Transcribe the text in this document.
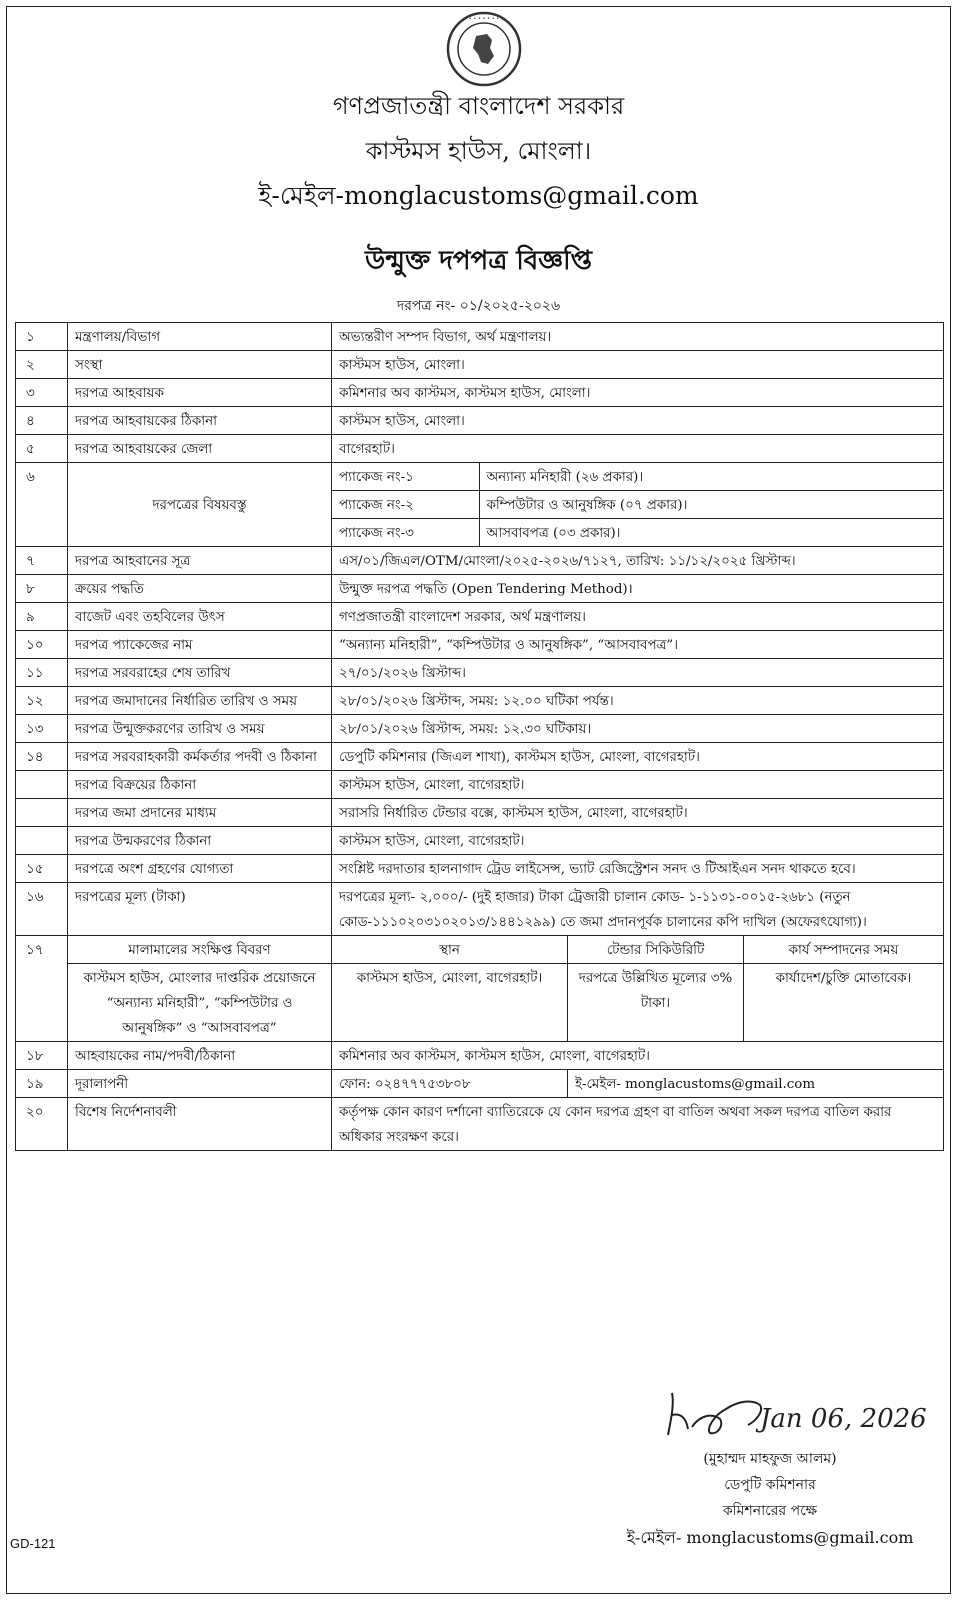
• • • • • • •
গণপ্রজাতন্ত্রী বাংলাদেশ সরকার
কাস্টমস হাউস, মোংলা।
ই-মেইল-monglacustoms@gmail.com
উন্মুক্ত দপপত্র বিজ্ঞপ্তি
দরপত্র নং- ০১/২০২৫-২০২৬
১	মন্ত্রণালয়/বিভাগ	অভ্যন্তরীণ সম্পদ বিভাগ, অর্থ মন্ত্রণালয়।
২	সংস্থা	কাস্টমস হাউস, মোংলা।
৩	দরপত্র আহবায়ক	কমিশনার অব কাস্টমস, কাস্টমস হাউস, মোংলা।
৪	দরপত্র আহবায়কের ঠিকানা	কাস্টমস হাউস, মোংলা।
৫	দরপত্র আহবায়কের জেলা	বাগেরহাট।
৬	দরপত্রের বিষয়বস্তু	
প্যাকেজ নং-১	অন্যান্য মনিহারী (২৬ প্রকার)।
প্যাকেজ নং-২	কম্পিউটার ও আনুষঙ্গিক (০৭ প্রকার)।
প্যাকেজ নং-৩	আসবাবপত্র (০৩ প্রকার)।

৭	দরপত্র আহবানের সূত্র	এস/০১/জিএল/OTM/মোংলা/২০২৫-২০২৬/৭১২৭, তারিখ: ১১/১২/২০২৫ খ্রিস্টাব্দ।
৮	ক্রয়ের পদ্ধতি	উন্মুক্ত দরপত্র পদ্ধতি (Open Tendering Method)।
৯	বাজেট এবং তহবিলের উৎস	গণপ্রজাতন্ত্রী বাংলাদেশ সরকার, অর্থ মন্ত্রণালয়।
১০	দরপত্র প্যাকেজের নাম	“অন্যান্য মনিহারী”, “কম্পিউটার ও আনুষঙ্গিক”, “আসবাবপত্র”।
১১	দরপত্র সরবরাহের শেষ তারিখ	২৭/০১/২০২৬ খ্রিস্টাব্দ।
১২	দরপত্র জমাদানের নির্ধারিত তারিখ ও সময়	২৮/০১/২০২৬ খ্রিস্টাব্দ, সময়: ১২.০০ ঘটিকা পর্যন্ত।
১৩	দরপত্র উন্মুক্তকরণের তারিখ ও সময়	২৮/০১/২০২৬ খ্রিস্টাব্দ, সময়: ১২.৩০ ঘটিকায়।
১৪	দরপত্র সরবরাহকারী কর্মকর্তার পদবী ও ঠিকানা	ডেপুটি কমিশনার (জিএল শাখা), কাস্টমস হাউস, মোংলা, বাগেরহাট।
	দরপত্র বিক্রয়ের ঠিকানা	কাস্টমস হাউস, মোংলা, বাগেরহাট।
	দরপত্র জমা প্রদানের মাধ্যম	সরাসরি নির্ধারিত টেন্ডার বক্সে, কাস্টমস হাউস, মোংলা, বাগেরহাট।
	দরপত্র উন্মকরণের ঠিকানা	কাস্টমস হাউস, মোংলা, বাগেরহাট।
১৫	দরপত্রে অংশ গ্রহণের যোগ্যতা	সংশ্লিষ্ট দরদাতার হালনাগাদ ট্রেড লাইসেন্স, ভ্যাট রেজিস্ট্রেশন সনদ ও টিআইএন সনদ থাকতে হবে।
১৬	দরপত্রের মূল্য (টাকা)	দরপত্রের মূল্য- ২,০০০/- (দুই হাজার) টাকা ট্রেজারী চালান কোড- ১-১১৩১-০০১৫-২৬৮১ (নতুন কোড-১১১০২০৩১০২০১৩/১৪৪১২৯৯) তে জমা প্রদানপূর্বক চালানের কপি দাখিল (অফেরৎযোগ্য)।
১৭	মালামালের সংক্ষিপ্ত বিবরণ	স্থান	টেন্ডার সিকিউরিটি	কার্য সম্পাদনের সময়
কাস্টমস হাউস, মোংলার দাপ্তরিক প্রয়োজনে “অন্যান্য মনিহারী”, “কম্পিউটার ও আনুষঙ্গিক” ও “আসবাবপত্র”	কাস্টমস হাউস, মোংলা, বাগেরহাট।	দরপত্রে উল্লিখিত মূল্যের ৩% টাকা।	কার্যাদেশ/চুক্তি মোতাবেক।
১৮	আহবায়কের নাম/পদবী/ঠিকানা	কমিশনার অব কাস্টমস, কাস্টমস হাউস, মোংলা, বাগেরহাট।
১৯	দূরালাপনী	ফোন: ০২৪৭৭৭৫৩৮০৮	ই-মেইল- monglacustoms@gmail.com
২০	বিশেষ নির্দেশনাবলী	কর্তৃপক্ষ কোন কারণ দর্শানো ব্যাতিরেকে যে কোন দরপত্র গ্রহণ বা বাতিল অথবা সকল দরপত্র বাতিল করার অধিকার সংরক্ষণ করে।
Jan 06, 2026
(মুহাম্মদ মাহফুজ আলম)
ডেপুটি কমিশনার
কমিশনারের পক্ষে
ই-মেইল- monglacustoms@gmail.com
GD-121
